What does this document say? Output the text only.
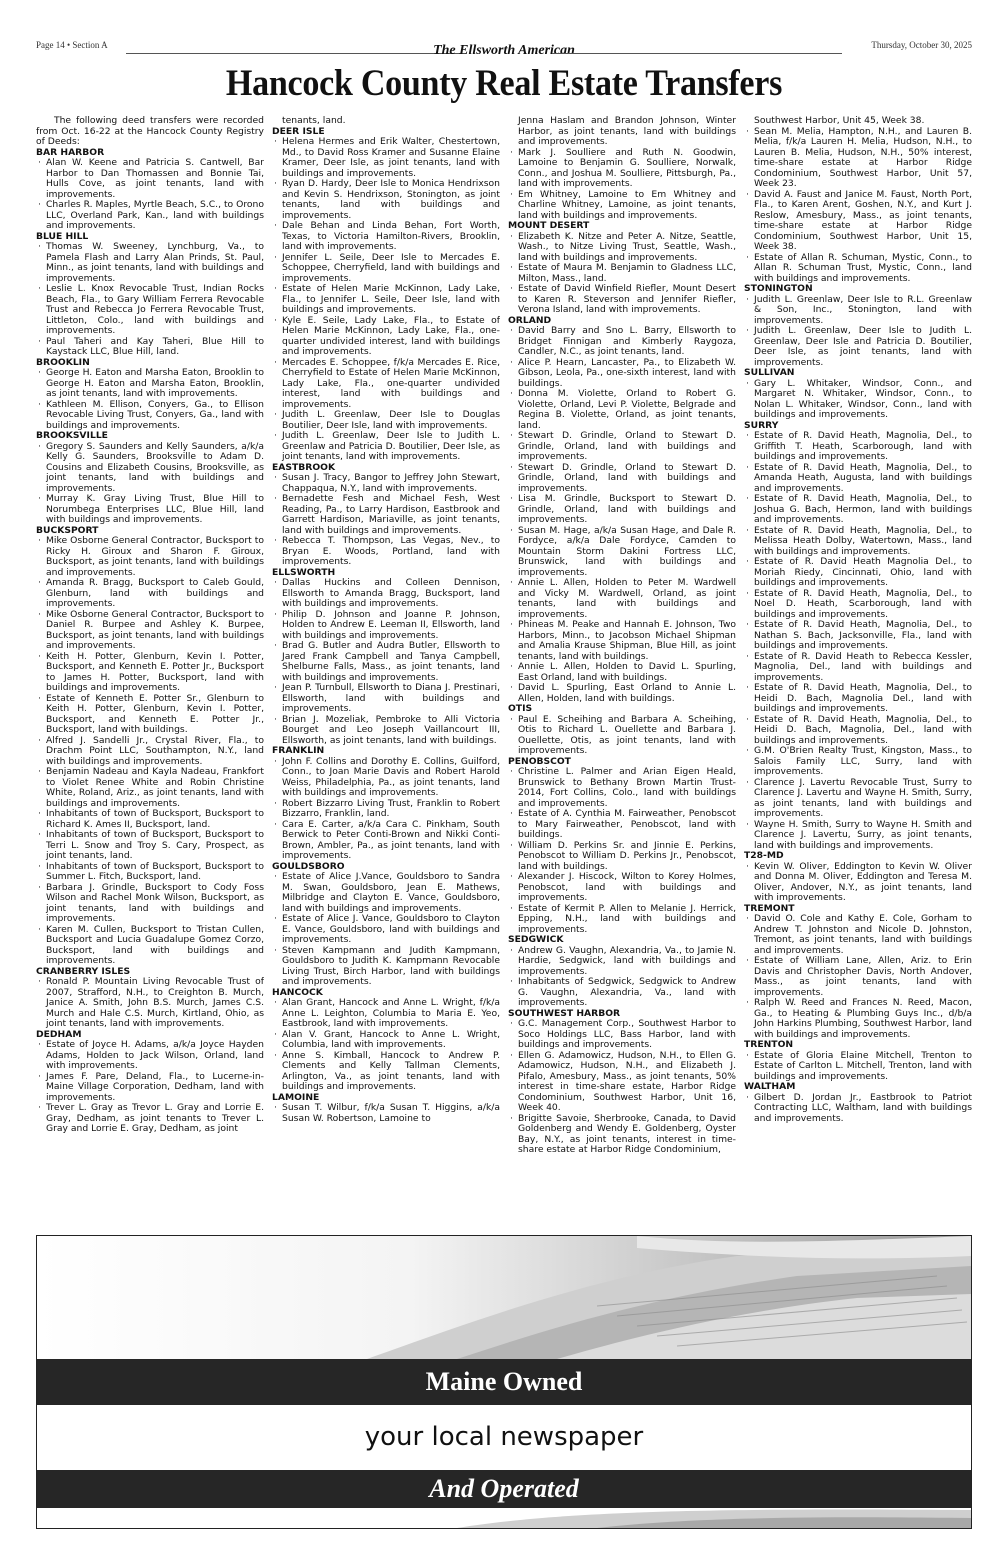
Page 14 • Section A	The Ellsworth American	Thursday, October 30, 2025
Hancock County Real Estate Transfers

The following deed transfers were recorded from Oct. 16-22 at the Hancock County Registry of Deeds:

BAR HARBOR

· Alan W. Keene and Patricia S. Cantwell, Bar Harbor to Dan Thomassen and Bonnie Tai, Hulls Cove, as joint tenants, land with improvements.
· Charles R. Maples, Myrtle Beach, S.C., to Orono LLC, Overland Park, Kan., land with buildings and improvements.

BLUE HILL

· Thomas W. Sweeney, Lynchburg, Va., to Pamela Flash and Larry Alan Prinds, St. Paul, Minn., as joint tenants, land with buildings and improvements.
· Leslie L. Knox Revocable Trust, Indian Rocks Beach, Fla., to Gary William Ferrera Revocable Trust and Rebecca Jo Ferrera Revocable Trust, Littleton, Colo., land with buildings and improvements.
· Paul Taheri and Kay Taheri, Blue Hill to Kaystack LLC, Blue Hill, land.

BROOKLIN

· George H. Eaton and Marsha Eaton, Brooklin to George H. Eaton and Marsha Eaton, Brooklin, as joint tenants, land with improvements.
· Kathleen M. Ellison, Conyers, Ga., to Ellison Revocable Living Trust, Conyers, Ga., land with buildings and improvements.

BROOKSVILLE

· Gregory S. Saunders and Kelly Saunders, a/k/a Kelly G. Saunders, Brooksville to Adam D. Cousins and Elizabeth Cousins, Brooksville, as joint tenants, land with buildings and improvements.
· Murray K. Gray Living Trust, Blue Hill to Norumbega Enterprises LLC, Blue Hill, land with buildings and improvements.

BUCKSPORT

· Mike Osborne General Contractor, Bucksport to Ricky H. Giroux and Sharon F. Giroux, Bucksport, as joint tenants, land with buildings and improvements.
· Amanda R. Bragg, Bucksport to Caleb Gould, Glenburn, land with buildings and improvements.
· Mike Osborne General Contractor, Bucksport to Daniel R. Burpee and Ashley K. Burpee, Bucksport, as joint tenants, land with buildings and improvements.
· Keith H. Potter, Glenburn, Kevin I. Potter, Bucksport, and Kenneth E. Potter Jr., Bucksport to James H. Potter, Bucksport, land with buildings and improvements.
· Estate of Kenneth E. Potter Sr., Glenburn to Keith H. Potter, Glenburn, Kevin I. Potter, Bucksport, and Kenneth E. Potter Jr., Bucksport, land with buildings.
· Alfred J. Sandelli Jr., Crystal River, Fla., to Drachm Point LLC, Southampton, N.Y., land with buildings and improvements.
· Benjamin Nadeau and Kayla Nadeau, Frankfort to Violet Renee White and Robin Christine White, Roland, Ariz., as joint tenants, land with buildings and improvements.
· Inhabitants of town of Bucksport, Bucksport to Richard K. Ames II, Bucksport, land.
· Inhabitants of town of Bucksport, Bucksport to Terri L. Snow and Troy S. Cary, Prospect, as joint tenants, land.
· Inhabitants of town of Bucksport, Bucksport to Summer L. Fitch, Bucksport, land.
· Barbara J. Grindle, Bucksport to Cody Foss Wilson and Rachel Monk Wilson, Bucksport, as joint tenants, land with buildings and improvements.
· Karen M. Cullen, Bucksport to Tristan Cullen, Bucksport and Lucia Guadalupe Gomez Corzo, Bucksport, land with buildings and improvements.

CRANBERRY ISLES

· Ronald P. Mountain Living Revocable Trust of 2007, Strafford, N.H., to Creighton B. Murch, Janice A. Smith, John B.S. Murch, James C.S. Murch and Hale C.S. Murch, Kirtland, Ohio, as joint tenants, land with improvements.

DEDHAM

· Estate of Joyce H. Adams, a/k/a Joyce Hayden Adams, Holden to Jack Wilson, Orland, land with improvements.
· James F. Pare, Deland, Fla., to Lucerne-in-Maine Village Corporation, Dedham, land with improvements.
· Trever L. Gray as Trevor L. Gray and Lorrie E. Gray, Dedham, as joint tenants to Trever L. Gray and Lorrie E. Gray, Dedham, as joint
tenants, land.

DEER ISLE

· Helena Hermes and Erik Walter, Chestertown, Md., to David Ross Kramer and Susanne Elaine Kramer, Deer Isle, as joint tenants, land with buildings and improvements.
· Ryan D. Hardy, Deer Isle to Monica Hendrixson and Kevin S. Hendrixson, Stonington, as joint tenants, land with buildings and improvements.
· Dale Behan and Linda Behan, Fort Worth, Texas, to Victoria Hamilton-Rivers, Brooklin, land with improvements.
· Jennifer L. Seile, Deer Isle to Mercades E. Schoppee, Cherryfield, land with buildings and improvements.
· Estate of Helen Marie McKinnon, Lady Lake, Fla., to Jennifer L. Seile, Deer Isle, land with buildings and improvements.
· Kyle E. Seile, Lady Lake, Fla., to Estate of Helen Marie McKinnon, Lady Lake, Fla., one-quarter undivided interest, land with buildings and improvements.
· Mercades E. Schoppee, f/k/a Mercades E. Rice, Cherryfield to Estate of Helen Marie McKinnon, Lady Lake, Fla., one-quarter undivided interest, land with buildings and improvements.
· Judith L. Greenlaw, Deer Isle to Douglas Boutilier, Deer Isle, land with improvements.
· Judith L. Greenlaw, Deer Isle to Judith L. Greenlaw and Patricia D. Boutilier, Deer Isle, as joint tenants, land with improvements.

EASTBROOK

· Susan J. Tracy, Bangor to Jeffrey John Stewart, Chappaqua, N.Y., land with improvements.
· Bernadette Fesh and Michael Fesh, West Reading, Pa., to Larry Hardison, Eastbrook and Garrett Hardison, Mariaville, as joint tenants, land with buildings and improvements.
· Rebecca T. Thompson, Las Vegas, Nev., to Bryan E. Woods, Portland, land with improvements.

ELLSWORTH

· Dallas Huckins and Colleen Dennison, Ellsworth to Amanda Bragg, Bucksport, land with buildings and improvements.
· Philip D. Johnson and Joanne P. Johnson, Holden to Andrew E. Leeman II, Ellsworth, land with buildings and improvements.
· Brad G. Butler and Audra Butler, Ellsworth to Jared Frank Campbell and Tanya Campbell, Shelburne Falls, Mass., as joint tenants, land with buildings and improvements.
· Jean P. Turnbull, Ellsworth to Diana J. Prestinari, Ellsworth, land with buildings and improvements.
· Brian J. Mozeliak, Pembroke to Alli Victoria Bourget and Leo Joseph Vaillancourt III, Ellsworth, as joint tenants, land with buildings.

FRANKLIN

· John F. Collins and Dorothy E. Collins, Guilford, Conn., to Joan Marie Davis and Robert Harold Weiss, Philadelphia, Pa., as joint tenants, land with buildings and improvements.
· Robert Bizzarro Living Trust, Franklin to Robert Bizzarro, Franklin, land.
· Cara E. Carter, a/k/a Cara C. Pinkham, South Berwick to Peter Conti-Brown and Nikki Conti-Brown, Ambler, Pa., as joint tenants, land with improvements.

GOULDSBORO

· Estate of Alice J.Vance, Gouldsboro to Sandra M. Swan, Gouldsboro, Jean E. Mathews, Milbridge and Clayton E. Vance, Gouldsboro, land with buildings and improvements.
· Estate of Alice J. Vance, Gouldsboro to Clayton E. Vance, Gouldsboro, land with buildings and improvements.
· Steven Kampmann and Judith Kampmann, Gouldsboro to Judith K. Kampmann Revocable Living Trust, Birch Harbor, land with buildings and improvements.

HANCOCK

· Alan Grant, Hancock and Anne L. Wright, f/k/a Anne L. Leighton, Columbia to Maria E. Yeo, Eastbrook, land with improvements.
· Alan V. Grant, Hancock to Anne L. Wright, Columbia, land with improvements.
· Anne S. Kimball, Hancock to Andrew P. Clements and Kelly Tallman Clements, Arlington, Va., as joint tenants, land with buildings and improvements.

LAMOINE

· Susan T. Wilbur, f/k/a Susan T. Higgins, a/k/a Susan W. Robertson, Lamoine to
Jenna Haslam and Brandon Johnson, Winter Harbor, as joint tenants, land with buildings and improvements.
· Mark J. Soulliere and Ruth N. Goodwin, Lamoine to Benjamin G. Soulliere, Norwalk, Conn., and Joshua M. Soulliere, Pittsburgh, Pa., land with improvements.
· Em Whitney, Lamoine to Em Whitney and Charline Whitney, Lamoine, as joint tenants, land with buildings and improvements.

MOUNT DESERT

· Elizabeth K. Nitze and Peter A. Nitze, Seattle, Wash., to Nitze Living Trust, Seattle, Wash., land with buildings and improvements.
· Estate of Maura M. Benjamin to Gladness LLC, Milton, Mass., land.
· Estate of David Winfield Riefler, Mount Desert to Karen R. Steverson and Jennifer Riefler, Verona Island, land with improvements.

ORLAND

· David Barry and Sno L. Barry, Ellsworth to Bridget Finnigan and Kimberly Raygoza, Candler, N.C., as joint tenants, land.
· Alice P. Hearn, Lancaster, Pa., to Elizabeth W. Gibson, Leola, Pa., one-sixth interest, land with buildings.
· Donna M. Violette, Orland to Robert G. Violette, Orland, Levi P. Violette, Belgrade and Regina B. Violette, Orland, as joint tenants, land.
· Stewart D. Grindle, Orland to Stewart D. Grindle, Orland, land with buildings and improvements.
· Stewart D. Grindle, Orland to Stewart D. Grindle, Orland, land with buildings and improvements.
· Lisa M. Grindle, Bucksport to Stewart D. Grindle, Orland, land with buildings and improvements.
· Susan M. Hage, a/k/a Susan Hage, and Dale R. Fordyce, a/k/a Dale Fordyce, Camden to Mountain Storm Dakini Fortress LLC, Brunswick, land with buildings and improvements.
· Annie L. Allen, Holden to Peter M. Wardwell and Vicky M. Wardwell, Orland, as joint tenants, land with buildings and improvements.
· Phineas M. Peake and Hannah E. Johnson, Two Harbors, Minn., to Jacobson Michael Shipman and Amalia Krause Shipman, Blue Hill, as joint tenants, land with buildings.
· Annie L. Allen, Holden to David L. Spurling, East Orland, land with buildings.
· David L. Spurling, East Orland to Annie L. Allen, Holden, land with buildings.

OTIS

· Paul E. Scheihing and Barbara A. Scheihing, Otis to Richard L. Ouellette and Barbara J. Ouellette, Otis, as joint tenants, land with improvements.

PENOBSCOT

· Christine L. Palmer and Arian Eigen Heald, Brunswick to Bethany Brown Martin Trust-2014, Fort Collins, Colo., land with buildings and improvements.
· Estate of A. Cynthia M. Fairweather, Penobscot to Mary Fairweather, Penobscot, land with buildings.
· William D. Perkins Sr. and Jinnie E. Perkins, Penobscot to William D. Perkins Jr., Penobscot, land with buildings.
· Alexander J. Hiscock, Wilton to Korey Holmes, Penobscot, land with buildings and improvements.
· Estate of Kermit P. Allen to Melanie J. Herrick, Epping, N.H., land with buildings and improvements.

SEDGWICK

· Andrew G. Vaughn, Alexandria, Va., to Jamie N. Hardie, Sedgwick, land with buildings and improvements.
· Inhabitants of Sedgwick, Sedgwick to Andrew G. Vaughn, Alexandria, Va., land with improvements.

SOUTHWEST HARBOR

· G.C. Management Corp., Southwest Harbor to Soco Holdings LLC, Bass Harbor, land with buildings and improvements.
· Ellen G. Adamowicz, Hudson, N.H., to Ellen G. Adamowicz, Hudson, N.H., and Elizabeth J. Pifalo, Amesbury, Mass., as joint tenants, 50% interest in time-share estate, Harbor Ridge Condominium, Southwest Harbor, Unit 16, Week 40.
· Brigitte Savoie, Sherbrooke, Canada, to David Goldenberg and Wendy E. Goldenberg, Oyster Bay, N.Y., as joint tenants, interest in time-share estate at Harbor Ridge Condominium,
Southwest Harbor, Unit 45, Week 38.
· Sean M. Melia, Hampton, N.H., and Lauren B. Melia, f/k/a Lauren H. Melia, Hudson, N.H., to Lauren B. Melia, Hudson, N.H., 50% interest, time-share estate at Harbor Ridge Condominium, Southwest Harbor, Unit 57, Week 23.
· David A. Faust and Janice M. Faust, North Port, Fla., to Karen Arent, Goshen, N.Y., and Kurt J. Reslow, Amesbury, Mass., as joint tenants, time-share estate at Harbor Ridge Condominium, Southwest Harbor, Unit 15, Week 38.
· Estate of Allan R. Schuman, Mystic, Conn., to Allan R. Schuman Trust, Mystic, Conn., land with buildings and improvements.

STONINGTON

· Judith L. Greenlaw, Deer Isle to R.L. Greenlaw & Son, Inc., Stonington, land with improvements.
· Judith L. Greenlaw, Deer Isle to Judith L. Greenlaw, Deer Isle and Patricia D. Boutilier, Deer Isle, as joint tenants, land with improvements.

SULLIVAN

· Gary L. Whitaker, Windsor, Conn., and Margaret N. Whitaker, Windsor, Conn., to Nolan L. Whitaker, Windsor, Conn., land with buildings and improvements.

SURRY

· Estate of R. David Heath, Magnolia, Del., to Griffith T. Heath, Scarborough, land with buildings and improvements.
· Estate of R. David Heath, Magnolia, Del., to Amanda Heath, Augusta, land with buildings and improvements.
· Estate of R. David Heath, Magnolia, Del., to Joshua G. Bach, Hermon, land with buildings and improvements.
· Estate of R. David Heath, Magnolia, Del., to Melissa Heath Dolby, Watertown, Mass., land with buildings and improvements.
· Estate of R. David Heath Magnolia Del., to Moriah Riedy, Cincinnati, Ohio, land with buildings and improvements.
· Estate of R. David Heath, Magnolia, Del., to Noel D. Heath, Scarborough, land with buildings and improvements.
· Estate of R. David Heath, Magnolia, Del., to Nathan S. Bach, Jacksonville, Fla., land with buildings and improvements.
· Estate of R. David Heath to Rebecca Kessler, Magnolia, Del., land with buildings and improvements.
· Estate of R. David Heath, Magnolia, Del., to Heidi D. Bach, Magnolia Del., land with buildings and improvements.
· Estate of R. David Heath, Magnolia, Del., to Heidi D. Bach, Magnolia, Del., land with buildings and improvements.
· G.M. O'Brien Realty Trust, Kingston, Mass., to Salois Family LLC, Surry, land with improvements.
· Clarence J. Lavertu Revocable Trust, Surry to Clarence J. Lavertu and Wayne H. Smith, Surry, as joint tenants, land with buildings and improvements.
· Wayne H. Smith, Surry to Wayne H. Smith and Clarence J. Lavertu, Surry, as joint tenants, land with buildings and improvements.

T28-MD

· Kevin W. Oliver, Eddington to Kevin W. Oliver and Donna M. Oliver, Eddington and Teresa M. Oliver, Andover, N.Y., as joint tenants, land with improvements.

TREMONT

· David O. Cole and Kathy E. Cole, Gorham to Andrew T. Johnston and Nicole D. Johnston, Tremont, as joint tenants, land with buildings and improvements.
· Estate of William Lane, Allen, Ariz. to Erin Davis and Christopher Davis, North Andover, Mass., as joint tenants, land with improvements.
· Ralph W. Reed and Frances N. Reed, Macon, Ga., to Heating & Plumbing Guys Inc., d/b/a John Harkins Plumbing, Southwest Harbor, land with buildings and improvements.

TRENTON

· Estate of Gloria Elaine Mitchell, Trenton to Estate of Carlton L. Mitchell, Trenton, land with buildings and improvements.

WALTHAM

· Gilbert D. Jordan Jr., Eastbrook to Patriot Contracting LLC, Waltham, land with buildings and improvements.
Maine Owned
your local newspaper
And Operated
